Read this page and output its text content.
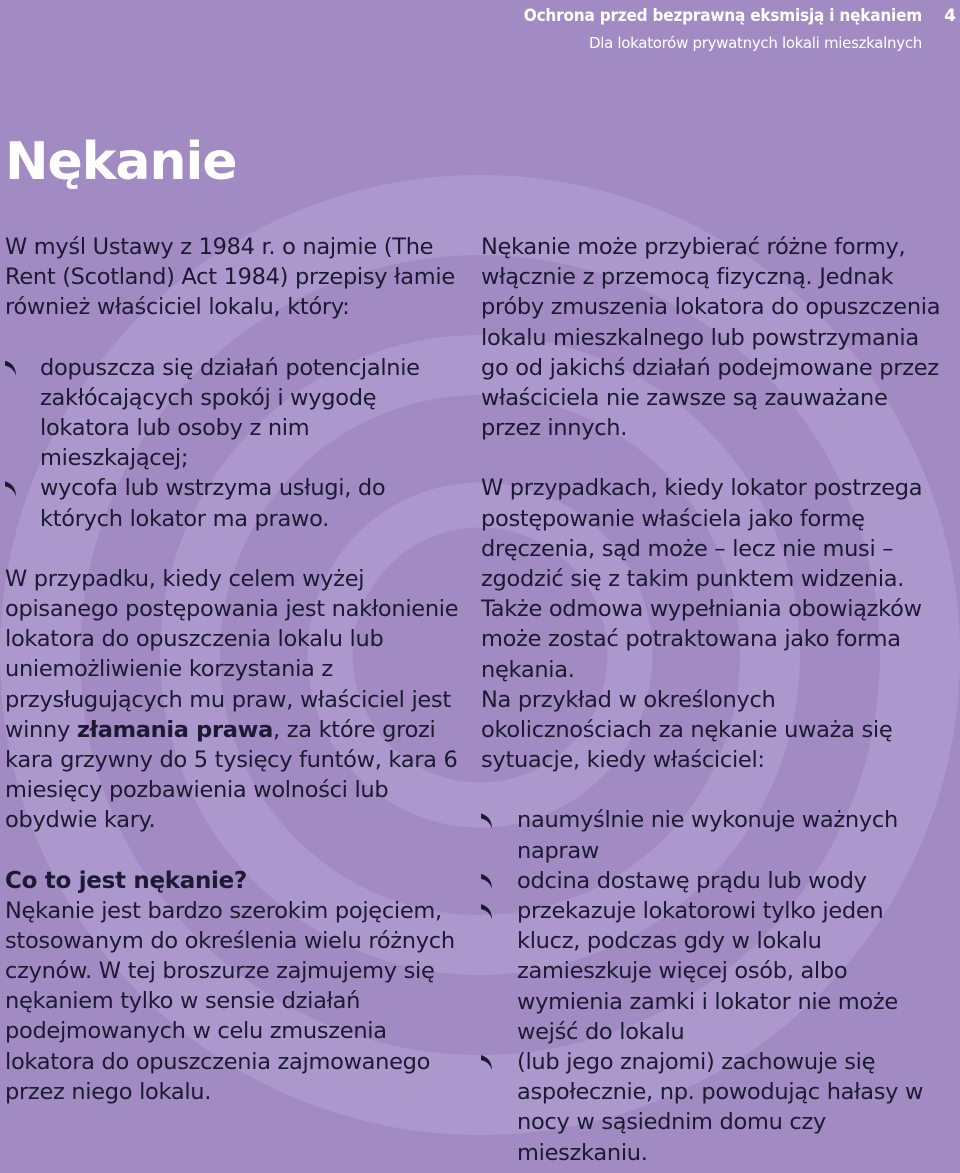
Ochrona przed bezprawną eksmisją i nękaniem
Dla lokatorów prywatnych lokali mieszkalnych
4
Nękanie

W myśl Ustawy z 1984 r. o najmie (The Rent (Scotland) Act 1984) przepisy łamie również właściciel lokalu, który:

dopuszcza się działań potencjalnie zakłócających spokój i wygodę lokatora lub osoby z nim mieszkającej;
wycofa lub wstrzyma usługi, do których lokator ma prawo.

W przypadku, kiedy celem wyżej opisanego postępowania jest nakłonienie lokatora do opuszczenia lokalu lub uniemożliwienie korzystania z przysługujących mu praw, właściciel jest winny złamania prawa, za które grozi kara grzywny do 5 tysięcy funtów, kara 6 miesięcy pozbawienia wolności lub obydwie kary.

Co to jest nękanie?

Nękanie jest bardzo szerokim pojęciem, stosowanym do określenia wielu różnych czynów. W tej broszurze zajmujemy się nękaniem tylko w sensie działań podejmowanych w celu zmuszenia lokatora do opuszczenia zajmowanego przez niego lokalu.

Nękanie może przybierać różne formy, włącznie z przemocą fizyczną. Jednak próby zmuszenia lokatora do opuszczenia lokalu mieszkalnego lub powstrzymania go od jakichś działań podejmowane przez właściciela nie zawsze są zauważane przez innych.

W przypadkach, kiedy lokator postrzega postępowanie właściela jako formę dręczenia, sąd może – lecz nie musi – zgodzić się z takim punktem widzenia. Także odmowa wypełniania obowiązków może zostać potraktowana jako forma nękania.

Na przykład w określonych okolicznościach za nękanie uważa się sytuacje, kiedy właściciel:

naumyślnie nie wykonuje ważnych napraw
odcina dostawę prądu lub wody
przekazuje lokatorowi tylko jeden klucz, podczas gdy w lokalu zamieszkuje więcej osób, albo wymienia zamki i lokator nie może wejść do lokalu
(lub jego znajomi) zachowuje się aspołecznie, np. powodując hałasy w nocy w sąsiednim domu czy mieszkaniu.
